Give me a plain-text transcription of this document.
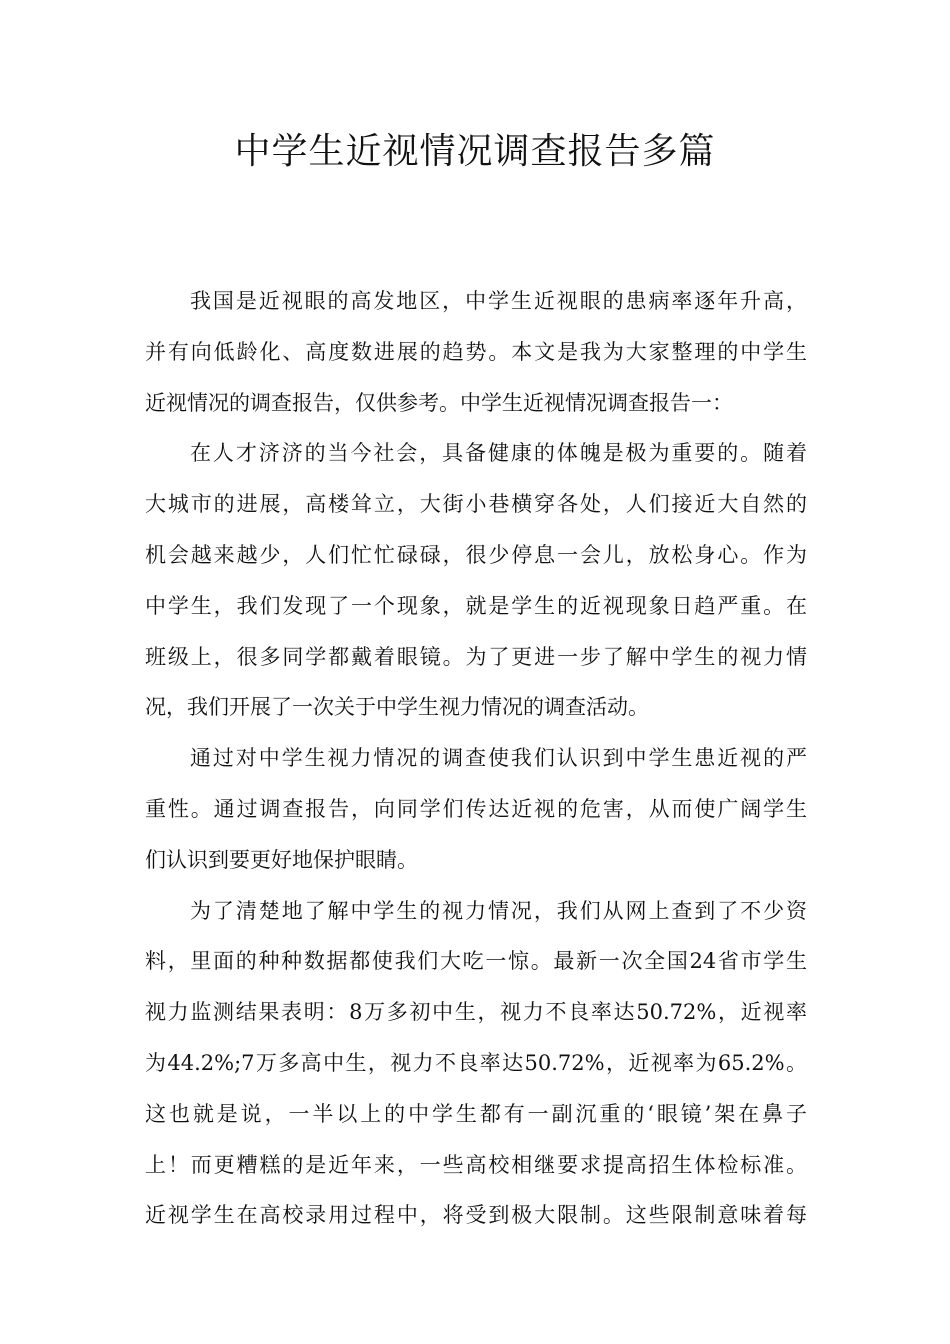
中学生近视情况调查报告多篇
我国是近视眼的高发地区，中学生近视眼的患病率逐年升高，
并有向低龄化、高度数进展的趋势。本文是我为大家整理的中学生
近视情况的调查报告，仅供参考。中学生近视情况调查报告一：
在人才济济的当今社会，具备健康的体魄是极为重要的。随着
大城市的进展，高楼耸立，大街小巷横穿各处，人们接近大自然的
机会越来越少，人们忙忙碌碌，很少停息一会儿，放松身心。作为
中学生，我们发现了一个现象，就是学生的近视现象日趋严重。在
班级上，很多同学都戴着眼镜。为了更进一步了解中学生的视力情
况，我们开展了一次关于中学生视力情况的调查活动。
通过对中学生视力情况的调查使我们认识到中学生患近视的严
重性。通过调查报告，向同学们传达近视的危害，从而使广阔学生
们认识到要更好地保护眼睛。
为了清楚地了解中学生的视力情况，我们从网上查到了不少资
料，里面的种种数据都使我们大吃一惊。最新一次全国24省市学生
视力监测结果表明：8万多初中生，视力不良率达50.72%，近视率
为44.2%;7万多高中生，视力不良率达50.72%，近视率为65.2%。
这也就是说，一半以上的中学生都有一副沉重的‘眼镜’架在鼻子
上！而更糟糕的是近年来，一些高校相继要求提高招生体检标准。
近视学生在高校录用过程中，将受到极大限制。这些限制意味着每
